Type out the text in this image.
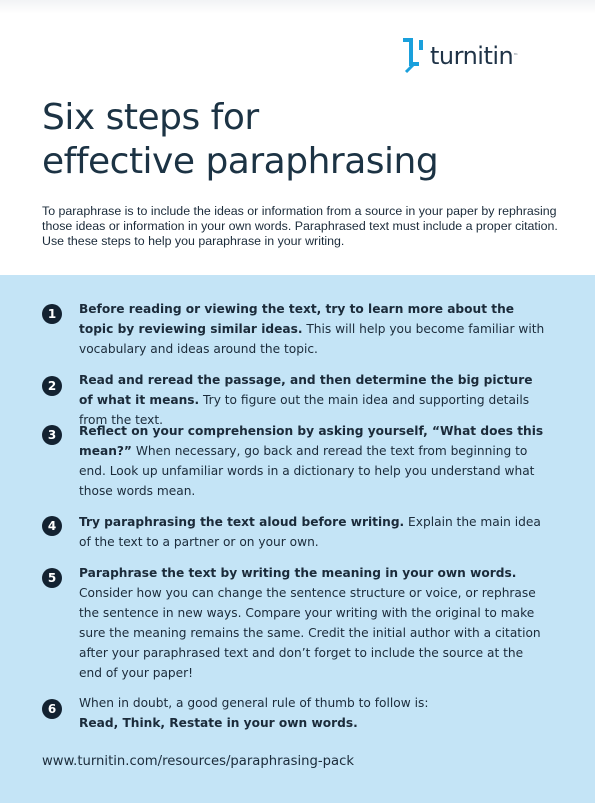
turnitin ™
Six steps for
effective paraphrasing

To paraphrase is to include the ideas or information from a source in your paper by rephrasing those ideas or information in your own words. Paraphrased text must include a proper citation. Use these steps to help you paraphrase in your writing.

1	Before reading or viewing the text, try to learn more about the topic by reviewing similar ideas. This will help you become familiar with vocabulary and ideas around the topic.

2	Read and reread the passage, and then determine the big picture of what it means. Try to figure out the main idea and supporting details from the text.

3	Reflect on your comprehension by asking yourself, “What does this mean?” When necessary, go back and reread the text from beginning to end. Look up unfamiliar words in a dictionary to help you understand what those words mean.

4	Try paraphrasing the text aloud before writing. Explain the main idea of the text to a partner or on your own.

5	Paraphrase the text by writing the meaning in your own words. Consider how you can change the sentence structure or voice, or rephrase the sentence in new ways. Compare your writing with the original to make sure the meaning remains the same. Credit the initial author with a citation after your paraphrased text and don’t forget to include the source at the end of your paper!

6	When in doubt, a good general rule of thumb to follow is:
Read, Think, Restate in your own words.

www.turnitin.com/resources/paraphrasing-pack
